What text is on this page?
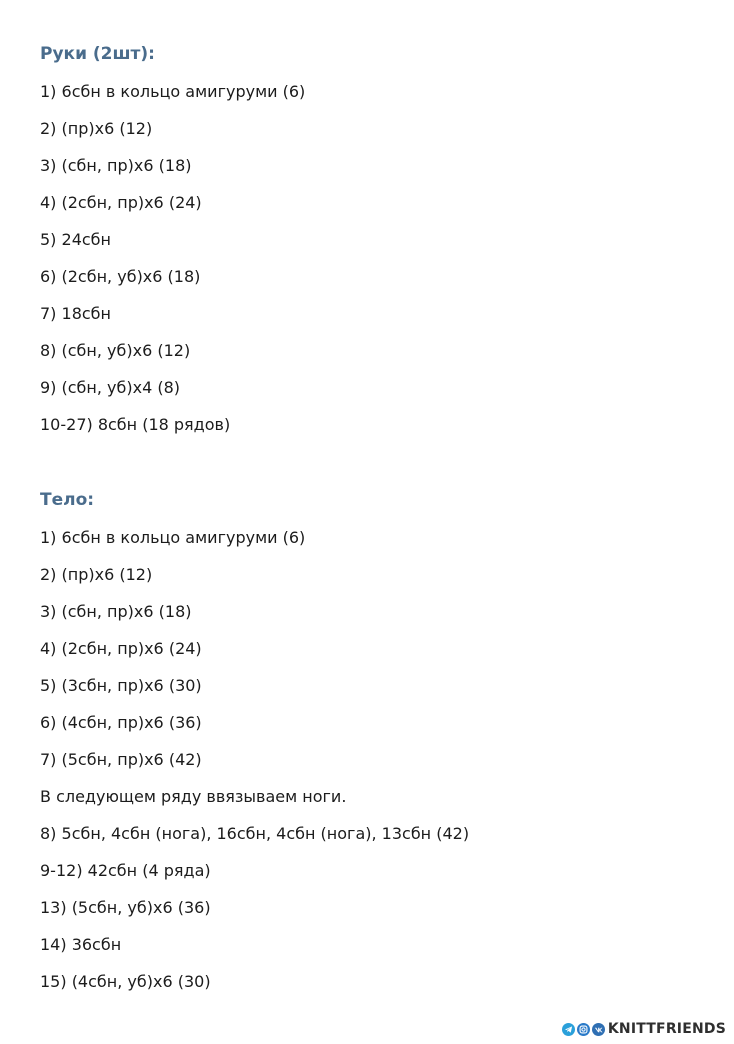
Руки (2шт):

1) 6сбн в кольцо амигуруми (6)

2) (пр)х6 (12)

3) (сбн, пр)х6 (18)

4) (2сбн, пр)х6 (24)

5) 24сбн

6) (2сбн, уб)х6 (18)

7) 18сбн

8) (сбн, уб)х6 (12)

9) (сбн, уб)х4 (8)

10-27) 8сбн (18 рядов)

Тело:

1) 6сбн в кольцо амигуруми (6)

2) (пр)х6 (12)

3) (сбн, пр)х6 (18)

4) (2сбн, пр)х6 (24)

5) (3сбн, пр)х6 (30)

6) (4сбн, пр)х6 (36)

7) (5сбн, пр)х6 (42)

В следующем ряду ввязываем ноги.

8) 5сбн, 4сбн (нога), 16сбн, 4сбн (нога), 13сбн (42)

9-12) 42сбн (4 ряда)

13) (5сбн, уб)х6 (36)

14) 36сбн

15) (4сбн, уб)х6 (30)

KNITTFRIENDS
